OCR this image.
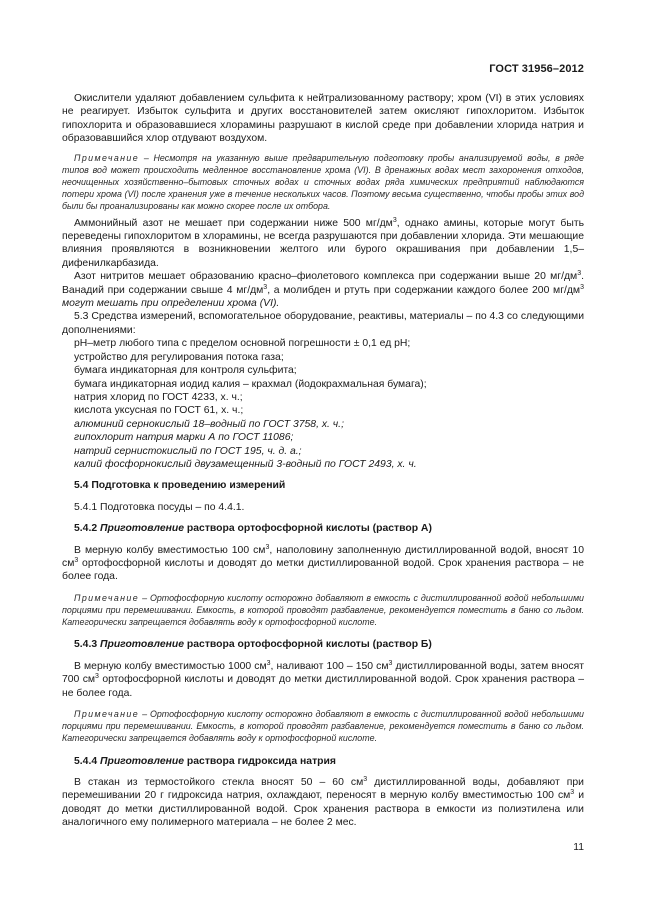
ГОСТ 31956–2012

Окислители удаляют добавлением сульфита к нейтрализованному раствору; хром (VI) в этих условиях не реагирует. Избыток сульфита и других восстановителей затем окисляют гипохлоритом. Избыток гипохлорита и образовавшиеся хлорамины разрушают в кислой среде при добавлении хлорида натрия и образовавшийся хлор отдувают воздухом.

Примечание – Несмотря на указанную выше предварительную подготовку пробы анализируемой воды, в ряде типов вод может происходить медленное восстановление хрома (VI). В дренажных водах мест захоронения отходов, неочищенных хозяйственно–бытовых сточных водах и сточных водах ряда химических предприятий наблюдаются потери хрома (VI) после хранения уже в течение нескольких часов. Поэтому весьма существенно, чтобы пробы этих вод были бы проанализированы как можно скорее после их отбора.

Аммонийный азот не мешает при содержании ниже 500 $мг/дм^3$, однако амины, которые могут быть переведены гипохлоритом в хлорамины, не всегда разрушаются при добавлении хлорида. Эти мешающие влияния проявляются в возникновении желтого или бурого окрашивания при добавлении 1,5–дифенилкарбазида.

Азот нитритов мешает образованию красно–фиолетового комплекса при содержании выше 20 $мг/дм^3$. Ванадий при содержании свыше 4 $мг/дм^3$, а молибден и ртуть при содержании каждого более 200 $мг/дм^3$ могут мешать при определении хрома (VI).

5.3 Средства измерений, вспомогательное оборудование, реактивы, материалы – по 4.3 со следующими дополнениями:

рН–метр любого типа с пределом основной погрешности ± 0,1 ед рН;
устройство для регулирования потока газа;
бумага индикаторная для контроля сульфита;
бумага индикаторная иодид калия – крахмал (йодокрахмальная бумага);
натрия хлорид по ГОСТ 4233, х. ч.;
кислота уксусная по ГОСТ 61, х. ч.;
алюминий сернокислый 18–водный по ГОСТ 3758, х. ч.;
гипохлорит натрия марки А по ГОСТ 11086;
натрий сернистокислый по ГОСТ 195, ч. д. а.;
калий фосфорнокислый двузамещенный 3-водный по ГОСТ 2493, х. ч.
5.4 Подготовка к проведению измерений
5.4.1 Подготовка посуды – по 4.4.1.
5.4.2 Приготовление раствора ортофосфорной кислоты (раствор А)

В мерную колбу вместимостью 100 $см^3$, наполовину заполненную дистиллированной водой, вносят 10 $см^3$ ортофосфорной кислоты и доводят до метки дистиллированной водой. Срок хранения раствора – не более года.

Примечание – Ортофосфорную кислоту осторожно добавляют в емкость с дистиллированной водой небольшими порциями при перемешивании. Емкость, в которой проводят разбавление, рекомендуется поместить в баню со льдом. Категорически запрещается добавлять воду к ортофосфорной кислоте.

5.4.3 Приготовление раствора ортофосфорной кислоты (раствор Б)

В мерную колбу вместимостью 1000 $см^3$, наливают 100 – 150 $см^3$ дистиллированной воды, затем вносят 700 $см^3$ ортофосфорной кислоты и доводят до метки дистиллированной водой. Срок хранения раствора – не более года.

Примечание – Ортофосфорную кислоту осторожно добавляют в емкость с дистиллированной водой небольшими порциями при перемешивании. Емкость, в которой проводят разбавление, рекомендуется поместить в баню со льдом. Категорически запрещается добавлять воду к ортофосфорной кислоте.

5.4.4 Приготовление раствора гидроксида натрия

В стакан из термостойкого стекла вносят 50 – 60 $см^3$ дистиллированной воды, добавляют при перемешивании 20 г гидроксида натрия, охлаждают, переносят в мерную колбу вместимостью 100 $см^3$ и доводят до метки дистиллированной водой. Срок хранения раствора в емкости из полиэтилена или аналогичного ему полимерного материала – не более 2 мес.

11
